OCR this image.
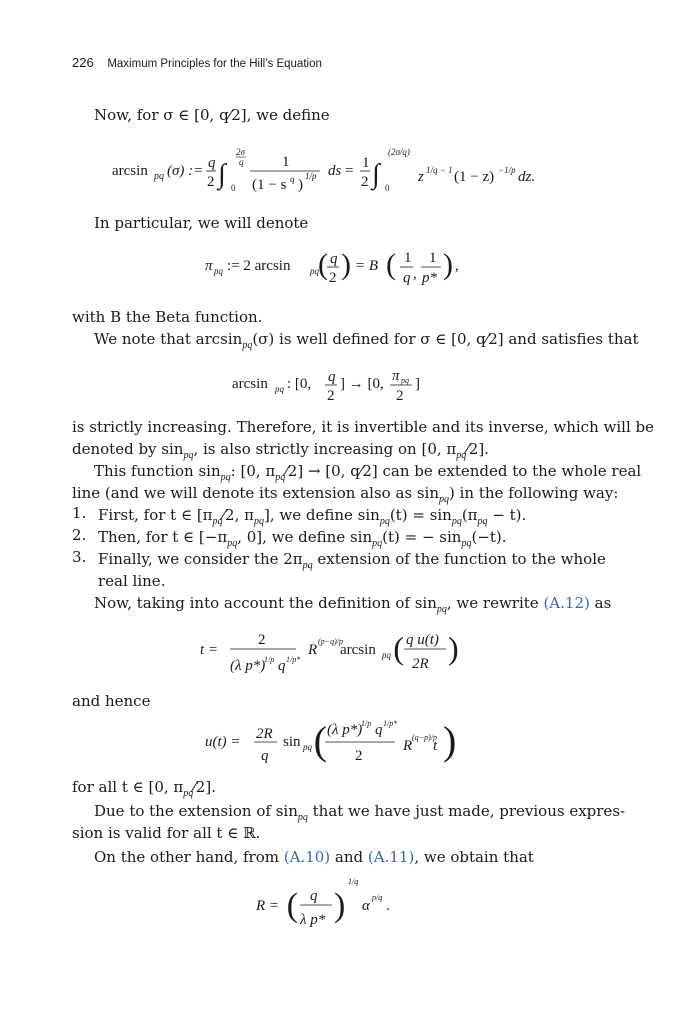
226 Maximum Principles for the Hill’s Equation
Now, for σ ∈ [0, q⁄2], we define
arcsin pq (σ) := q
2 ∫ 0
2σ
q	1
(1 − s q )
1/p ds = 1
2 ∫ 0
(2σ/q)
z 1/q − 1 (1 − z) −1/p dz.
In particular, we will denote
π pq := 2 arcsin pq ) q
2 ) = B ) 1
q ,
1
p* ) ,
with B the Beta function.
We note that $\arcsin_{pq}(\sigma)$ is well defined for σ ∈ [0, q⁄2] and satisfies that
arcsin pq : [0, q
2
] → [0, π pq
2
]
is strictly increasing. Therefore, it is invertible and its inverse, which will be
denoted by $\sin_{pq}$, is also strictly increasing on [0, $\pi_{pq}⁄2$].
This function $\sin_{pq}$: [0, $\pi_{pq}⁄2] \to [0$, q⁄2] can be extended to the whole real
line (and we will denote its extension also as $\sin_{pq}$) in the following way:
1. First, for t ∈ [$\pi_{pq}⁄2$, $\pi_{pq}$], we define $\sin_{pq}(t) = \sin_{pq}(\pi_{pq} - t)$.
2. Then, for t ∈ [$-\pi_{pq}$, 0], we define $\sin_{pq}(t)$ = − $\sin_{pq}(-t)$.
3. Finally, we consider the $2\pi_{pq}$ extension of the function to the whole
real line.
Now, taking into account the definition of $\sin_{pq}$, we rewrite (A.12) as
t =
2
(λ p*)
1/p q 1/p*
R
(p−q)/p
arcsin pq ) q u(t)
2R )
and hence
u(t) = 2R
q
sin pq ) (λ p*)
1/p q 1/p*
2
R
(q−p)/p
t )
for all t ∈ [0, $\pi_{pq}⁄2$].
Due to the extension of $\sin_{pq}$ that we have just made, previous expres-
sion is valid for all t ∈ ℝ.
On the other hand, from (A.10) and (A.11), we obtain that
R = ) q
λ p* )
1/q
α
p/q
.
